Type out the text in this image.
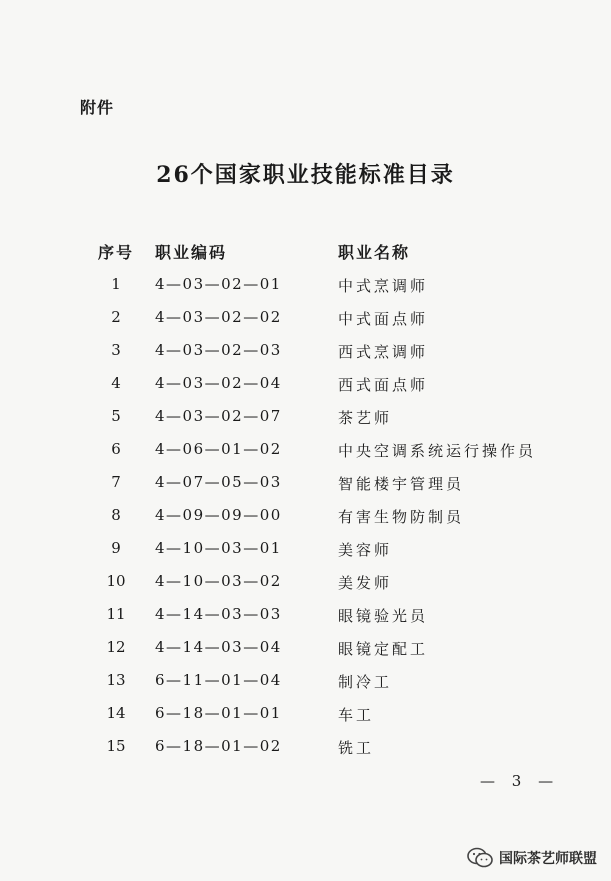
附件
26个国家职业技能标准目录
序号 职业编码	职业名称
1	4—03—02—01	中式烹调师
2	4—03—02—02	中式面点师
3	4—03—02—03	西式烹调师
4	4—03—02—04	西式面点师
5	4—03—02—07	茶艺师
6	4—06—01—02	中央空调系统运行操作员
7	4—07—05—03	智能楼宇管理员
8	4—09—09—00	有害生物防制员
9	4—10—03—01	美容师
10	4—10—03—02	美发师
11	4—14—03—03	眼镜验光员
12	4—14—03—04	眼镜定配工
13	6—11—01—04	制冷工
14	6—18—01—01	车工
15	6—18—01—02	铣工
— 3 —
国际茶艺师联盟
